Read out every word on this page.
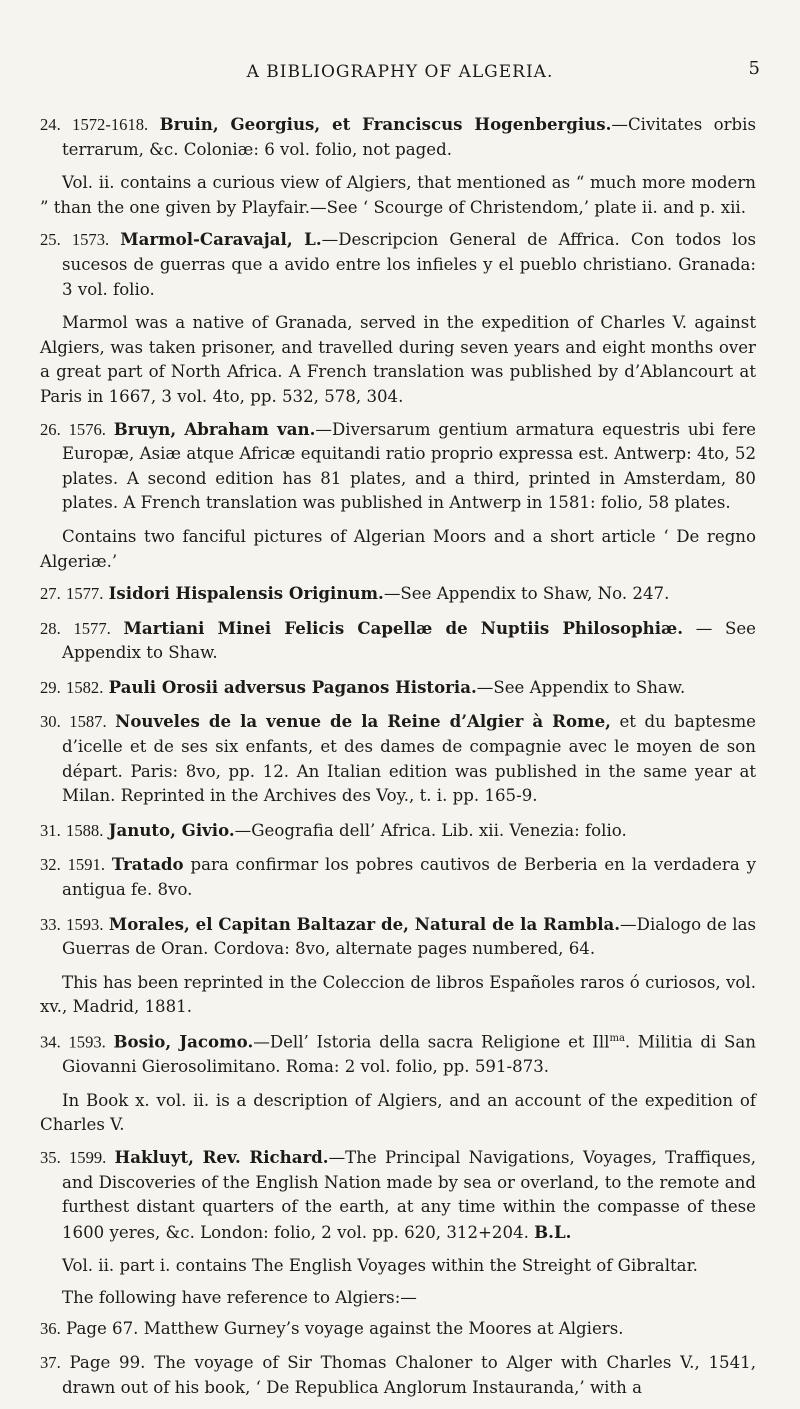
A BIBLIOGRAPHY OF ALGERIA.	5

24. 1572-1618. Bruin, Georgius, et Franciscus Hogenbergius.—Civitates orbis terrarum, &c. Coloniæ: 6 vol. folio, not paged.

Vol. ii. contains a curious view of Algiers, that mentioned as “ much more modern ” than the one given by Playfair.—See ‘ Scourge of Christendom,’ plate ii. and p. xii.

25. 1573. Marmol-Caravajal, L.—Descripcion General de Affrica. Con todos los sucesos de guerras que a avido entre los infieles y el pueblo christiano. Granada: 3 vol. folio.

Marmol was a native of Granada, served in the expedition of Charles V. against Algiers, was taken prisoner, and travelled during seven years and eight months over a great part of North Africa. A French translation was published by d’Ablancourt at Paris in 1667, 3 vol. 4to, pp. 532, 578, 304.

26. 1576. Bruyn, Abraham van.—Diversarum gentium armatura equestris ubi fere Europæ, Asiæ atque Africæ equitandi ratio proprio expressa est. Antwerp: 4to, 52 plates. A second edition has 81 plates, and a third, printed in Amsterdam, 80 plates. A French translation was published in Antwerp in 1581: folio, 58 plates.

Contains two fanciful pictures of Algerian Moors and a short article ‘ De regno Algeriæ.’

27. 1577. Isidori Hispalensis Originum.—See Appendix to Shaw, No. 247.

28. 1577. Martiani Minei Felicis Capellæ de Nuptiis Philosophiæ. — See Appendix to Shaw.

29. 1582. Pauli Orosii adversus Paganos Historia.—See Appendix to Shaw.

30. 1587. Nouveles de la venue de la Reine d’Algier à Rome, et du baptesme d’icelle et de ses six enfants, et des dames de compagnie avec le moyen de son départ. Paris: 8vo, pp. 12. An Italian edition was published in the same year at Milan. Reprinted in the Archives des Voy., t. i. pp. 165-9.

31. 1588. Janutо, Givio.—Geografia dell’ Africa. Lib. xii. Venezia: folio.

32. 1591. Tratado para confirmar los pobres cautivos de Berberia en la verdadera y antigua fe. 8vo.

33. 1593. Morales, el Capitan Baltazar de, Natural de la Rambla.—Dialogo de las Guerras de Oran. Cordova: 8vo, alternate pages numbered, 64.

This has been reprinted in the Coleccion de libros Españoles raros ó curiosos, vol. xv., Madrid, 1881.

34. 1593. Bosio, Jacomo.—Dell’ Istoria della sacra Religione et Ill$^{ma}$. Militia di San Giovanni Gierosolimitano. Roma: 2 vol. folio, pp. 591-873.

In Book x. vol. ii. is a description of Algiers, and an account of the expedition of Charles V.

35. 1599. Hakluyt, Rev. Richard.—The Principal Navigations, Voyages, Traffiques, and Discoveries of the English Nation made by sea or overland, to the remote and furthest distant quarters of the earth, at any time within the compasse of these 1600 yeres, &c. London: folio, 2 vol. pp. 620, 312+204. B.L.

Vol. ii. part i. contains The English Voyages within the Streight of Gibraltar.

The following have reference to Algiers:—

36. Page 67. Matthew Gurney’s voyage against the Moores at Algiers.

37. Page 99. The voyage of Sir Thomas Chaloner to Alger with Charles V., 1541, drawn out of his book, ‘ De Republica Anglorum Instauranda,’ with a
